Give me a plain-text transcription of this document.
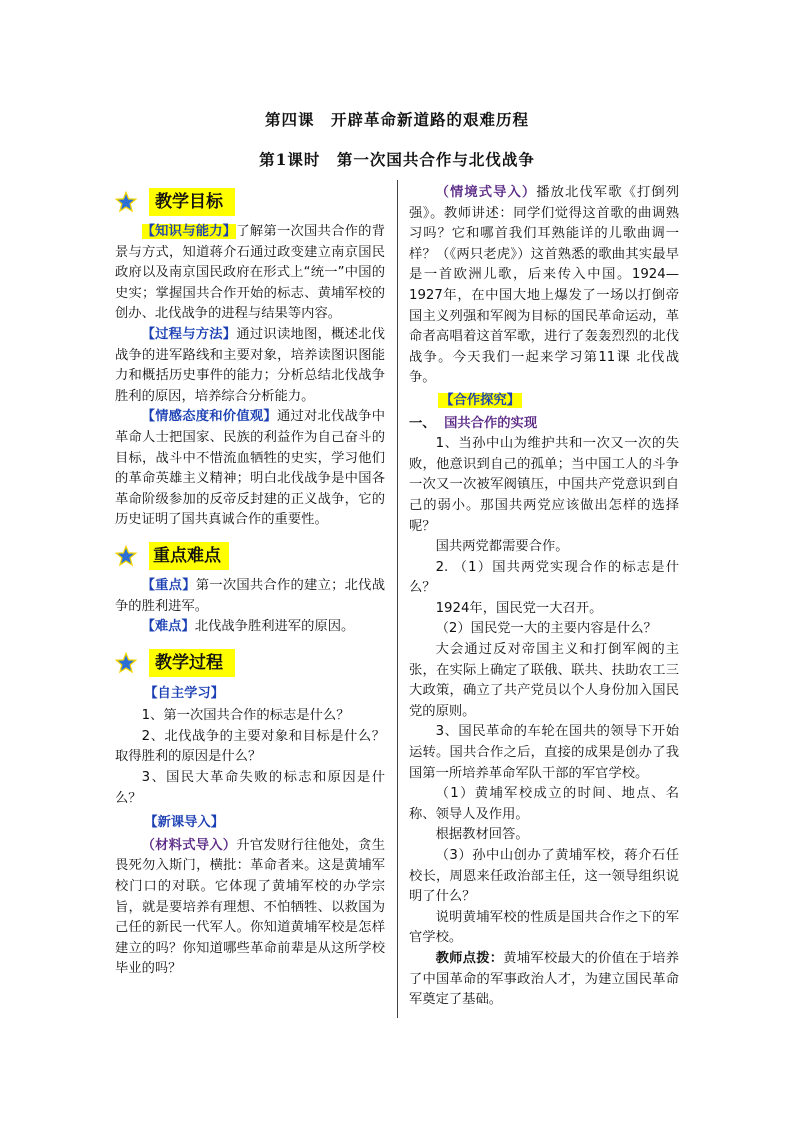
第四课　开辟革命新道路的艰难历程
第1课时　第一次国共合作与北伐战争
教学目标

【知识与能力】了解第一次国共合作的背景与方式，知道蒋介石通过政变建立南京国民政府以及南京国民政府在形式上“统一”中国的史实；掌握国共合作开始的标志、黄埔军校的创办、北伐战争的进程与结果等内容。

【过程与方法】通过识读地图，概述北伐战争的进军路线和主要对象，培养读图识图能力和概括历史事件的能力；分析总结北伐战争胜利的原因，培养综合分析能力。

【情感态度和价值观】通过对北伐战争中革命人士把国家、民族的利益作为自己奋斗的目标，战斗中不惜流血牺牲的史实，学习他们的革命英雄主义精神；明白北伐战争是中国各革命阶级参加的反帝反封建的正义战争，它的历史证明了国共真诚合作的重要性。

重点难点

【重点】第一次国共合作的建立；北伐战争的胜利进军。

【难点】北伐战争胜利进军的原因。

教学过程

【自主学习】

1、第一次国共合作的标志是什么？

2、北伐战争的主要对象和目标是什么？取得胜利的原因是什么？

3、国民大革命失败的标志和原因是什么？

【新课导入】

（材料式导入）升官发财行往他处，贪生畏死勿入斯门，横批：革命者来。这是黄埔军校门口的对联。它体现了黄埔军校的办学宗旨，就是要培养有理想、不怕牺牲、以救国为己任的新民一代军人。你知道黄埔军校是怎样建立的吗？你知道哪些革命前辈是从这所学校毕业的吗？

（情境式导入）播放北伐军歌《打倒列强》。教师讲述：同学们觉得这首歌的曲调熟习吗？它和哪首我们耳熟能详的儿歌曲调一样？（《两只老虎》）这首熟悉的歌曲其实最早是一首欧洲儿歌，后来传入中国。1924—1927年，在中国大地上爆发了一场以打倒帝国主义列强和军阀为目标的国民革命运动，革命者高唱着这首军歌，进行了轰轰烈烈的北伐战争。今天我们一起来学习第11课 北伐战争。

【合作探究】

一、 国共合作的实现

1、当孙中山为维护共和一次又一次的失败，他意识到自己的孤单；当中国工人的斗争一次又一次被军阀镇压，中国共产党意识到自己的弱小。那国共两党应该做出怎样的选择呢？

国共两党都需要合作。

2. （1）国共两党实现合作的标志是什么？

1924年，国民党一大召开。

（2）国民党一大的主要内容是什么？

大会通过反对帝国主义和打倒军阀的主张，在实际上确定了联俄、联共、扶助农工三大政策，确立了共产党员以个人身份加入国民党的原则。

3、国民革命的车轮在国共的领导下开始运转。国共合作之后，直接的成果是创办了我国第一所培养革命军队干部的军官学校。

（1）黄埔军校成立的时间、地点、名称、领导人及作用。

根据教材回答。

（3）孙中山创办了黄埔军校，蒋介石任校长，周恩来任政治部主任，这一领导组织说明了什么？

说明黄埔军校的性质是国共合作之下的军官学校。

教师点拨：黄埔军校最大的价值在于培养了中国革命的军事政治人才，为建立国民革命军奠定了基础。
